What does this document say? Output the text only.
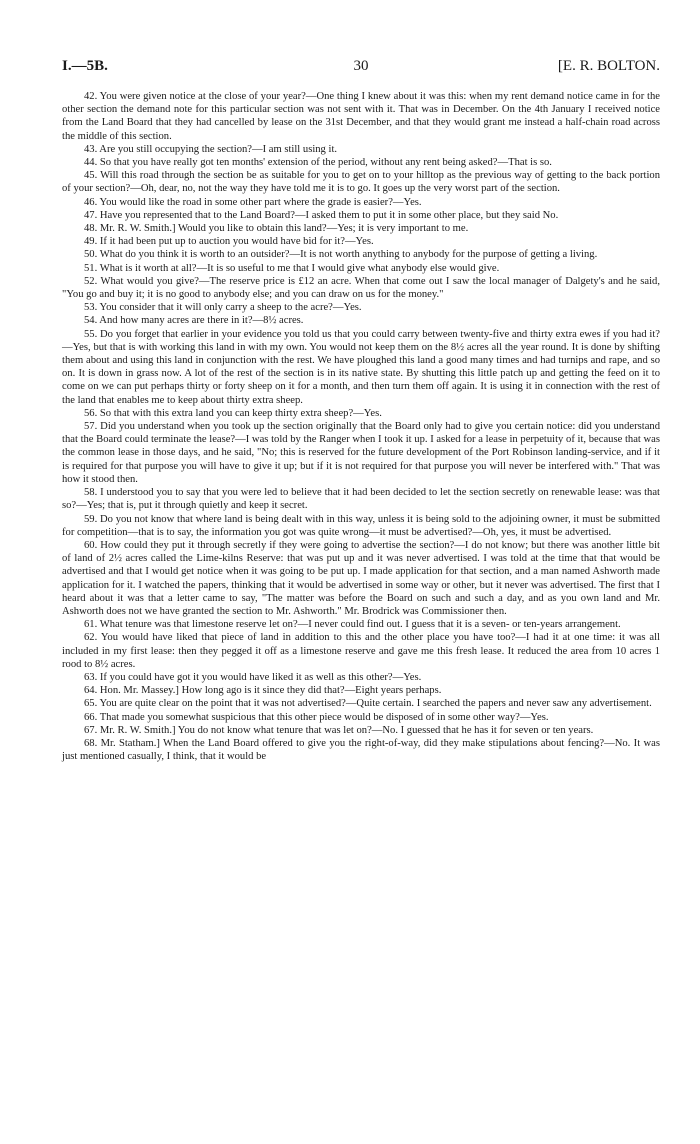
I.—5B.	30	[E. R. BOLTON.

42. You were given notice at the close of your year?—One thing I knew about it was this: when my rent demand notice came in for the other section the demand note for this particular section was not sent with it. That was in December. On the 4th January I received notice from the Land Board that they had cancelled by lease on the 31st December, and that they would grant me instead a half-chain road across the middle of this section.

43. Are you still occupying the section?—I am still using it.

44. So that you have really got ten months' extension of the period, without any rent being asked?—That is so.

45. Will this road through the section be as suitable for you to get on to your hilltop as the previous way of getting to the back portion of your section?—Oh, dear, no, not the way they have told me it is to go. It goes up the very worst part of the section.

46. You would like the road in some other part where the grade is easier?—Yes.

47. Have you represented that to the Land Board?—I asked them to put it in some other place, but they said No.

48. Mr. R. W. Smith.] Would you like to obtain this land?—Yes; it is very important to me.

49. If it had been put up to auction you would have bid for it?—Yes.

50. What do you think it is worth to an outsider?—It is not worth anything to anybody for the purpose of getting a living.

51. What is it worth at all?—It is so useful to me that I would give what anybody else would give.

52. What would you give?—The reserve price is £12 an acre. When that come out I saw the local manager of Dalgety's and he said, "You go and buy it; it is no good to anybody else; and you can draw on us for the money."

53. You consider that it will only carry a sheep to the acre?—Yes.

54. And how many acres are there in it?—8½ acres.

55. Do you forget that earlier in your evidence you told us that you could carry between twenty-five and thirty extra ewes if you had it?—Yes, but that is with working this land in with my own. You would not keep them on the 8½ acres all the year round. It is done by shifting them about and using this land in conjunction with the rest. We have ploughed this land a good many times and had turnips and rape, and so on. It is down in grass now. A lot of the rest of the section is in its native state. By shutting this little patch up and getting the feed on it to come on we can put perhaps thirty or forty sheep on it for a month, and then turn them off again. It is using it in connection with the rest of the land that enables me to keep about thirty extra sheep.

56. So that with this extra land you can keep thirty extra sheep?—Yes.

57. Did you understand when you took up the section originally that the Board only had to give you certain notice: did you understand that the Board could terminate the lease?—I was told by the Ranger when I took it up. I asked for a lease in perpetuity of it, because that was the common lease in those days, and he said, "No; this is reserved for the future development of the Port Robinson landing-service, and if it is required for that purpose you will have to give it up; but if it is not required for that purpose you will never be interfered with." That was how it stood then.

58. I understood you to say that you were led to believe that it had been decided to let the section secretly on renewable lease: was that so?—Yes; that is, put it through quietly and keep it secret.

59. Do you not know that where land is being dealt with in this way, unless it is being sold to the adjoining owner, it must be submitted for competition—that is to say, the information you got was quite wrong—it must be advertised?—Oh, yes, it must be advertised.

60. How could they put it through secretly if they were going to advertise the section?—I do not know; but there was another little bit of land of 2½ acres called the Lime-kilns Reserve: that was put up and it was never advertised. I was told at the time that that would be advertised and that I would get notice when it was going to be put up. I made application for that section, and a man named Ashworth made application for it. I watched the papers, thinking that it would be advertised in some way or other, but it never was advertised. The first that I heard about it was that a letter came to say, "The matter was before the Board on such and such a day, and as you own land and Mr. Ashworth does not we have granted the section to Mr. Ashworth." Mr. Brodrick was Commissioner then.

61. What tenure was that limestone reserve let on?—I never could find out. I guess that it is a seven- or ten-years arrangement.

62. You would have liked that piece of land in addition to this and the other place you have too?—I had it at one time: it was all included in my first lease: then they pegged it off as a limestone reserve and gave me this fresh lease. It reduced the area from 10 acres 1 rood to 8½ acres.

63. If you could have got it you would have liked it as well as this other?—Yes.

64. Hon. Mr. Massey.] How long ago is it since they did that?—Eight years perhaps.

65. You are quite clear on the point that it was not advertised?—Quite certain. I searched the papers and never saw any advertisement.

66. That made you somewhat suspicious that this other piece would be disposed of in some other way?—Yes.

67. Mr. R. W. Smith.] You do not know what tenure that was let on?—No. I guessed that he has it for seven or ten years.

68. Mr. Statham.] When the Land Board offered to give you the right-of-way, did they make stipulations about fencing?—No. It was just mentioned casually, I think, that it would be
